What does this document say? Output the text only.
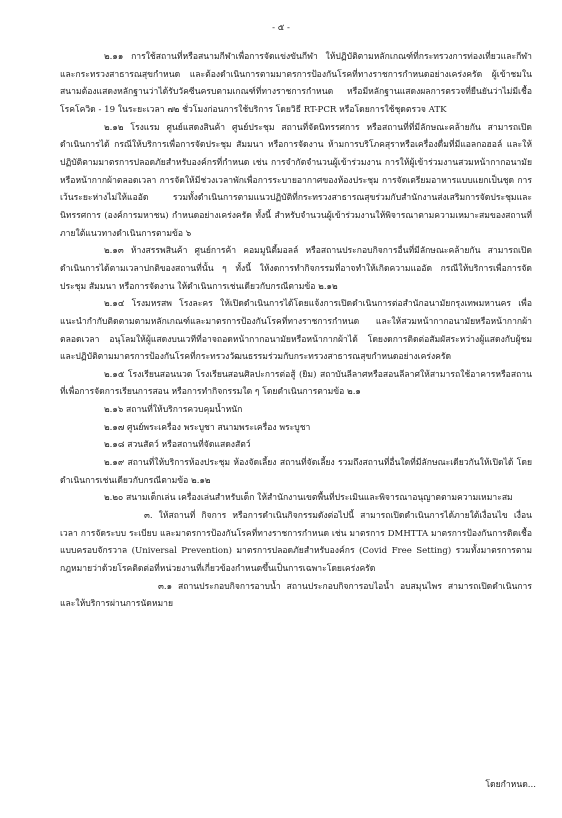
- ๕ -

๒.๑๑ การใช้สถานที่หรือสนามกีฬาเพื่อการจัดแข่งขันกีฬา ให้ปฏิบัติตามหลักเกณฑ์ที่กระทรวงการท่องเที่ยวและกีฬา และกระทรวงสาธารณสุขกำหนด และต้องดำเนินการตามมาตรการป้องกันโรคที่ทางราชการกำหนดอย่างเคร่งครัด ผู้เข้าชมในสนามต้องแสดงหลักฐานว่าได้รับวัคซีนครบตามเกณฑ์ที่ทางราชการกำหนด หรือมีหลักฐานแสดงผลการตรวจที่ยืนยันว่าไม่มีเชื้อโรคโควิด - 19 ในระยะเวลา ๗๒ ชั่วโมงก่อนการใช้บริการ โดยวิธี RT-PCR หรือโดยการใช้ชุดตรวจ ATK

๒.๑๒ โรงแรม ศูนย์แสดงสินค้า ศูนย์ประชุม สถานที่จัดนิทรรศการ หรือสถานที่ที่มีลักษณะคล้ายกัน สามารถเปิดดำเนินการได้ กรณีให้บริการเพื่อการจัดประชุม สัมมนา หรือการจัดงาน ห้ามการบริโภคสุราหรือเครื่องดื่มที่มีแอลกอฮอล์ และให้ปฏิบัติตามมาตรการปลอดภัยสำหรับองค์กรที่กำหนด เช่น การจำกัดจำนวนผู้เข้าร่วมงาน การให้ผู้เข้าร่วมงานสวมหน้ากากอนามัยหรือหน้ากากผ้าตลอดเวลา การจัดให้มีช่วงเวลาพักเพื่อการระบายอากาศของห้องประชุม การจัดเตรียมอาหารแบบแยกเป็นชุด การเว้นระยะห่างไม่ให้แออัด รวมทั้งดำเนินการตามแนวปฏิบัติที่กระทรวงสาธารณสุขร่วมกับสำนักงานส่งเสริมการจัดประชุมและนิทรรศการ (องค์การมหาชน) กำหนดอย่างเคร่งครัด ทั้งนี้ สำหรับจำนวนผู้เข้าร่วมงานให้พิจารณาตามความเหมาะสมของสถานที่ภายใต้แนวทางดำเนินการตามข้อ ๖

๒.๑๓ ห้างสรรพสินค้า ศูนย์การค้า คอมมูนิตี้มอลล์ หรือสถานประกอบกิจการอื่นที่มีลักษณะคล้ายกัน สามารถเปิดดำเนินการได้ตามเวลาปกติของสถานที่นั้น ๆ ทั้งนี้ ให้งดการทำกิจกรรมที่อาจทำให้เกิดความแออัด กรณีให้บริการเพื่อการจัดประชุม สัมมนา หรือการจัดงาน ให้ดำเนินการเช่นเดียวกับกรณีตามข้อ ๒.๑๒

๒.๑๔ โรงมหรสพ โรงละคร ให้เปิดดำเนินการได้โดยแจ้งการเปิดดำเนินการต่อสำนักอนามัยกรุงเทพมหานคร เพื่อแนะนำกำกับติดตามตามหลักเกณฑ์และมาตรการป้องกันโรคที่ทางราชการกำหนด และให้สวมหน้ากากอนามัยหรือหน้ากากผ้าตลอดเวลา อนุโลมให้ผู้แสดงบนเวทีที่อาจถอดหน้ากากอนามัยหรือหน้ากากผ้าได้ โดยงดการติดต่อสัมผัสระหว่างผู้แสดงกับผู้ชม และปฏิบัติตามมาตรการป้องกันโรคที่กระทรวงวัฒนธรรมร่วมกับกระทรวงสาธารณสุขกำหนดอย่างเคร่งครัด

๒.๑๕ โรงเรียนสอนนวด โรงเรียนสอนศิลปะการต่อสู้ (ยิม) สถาบันลีลาศหรือสอนลีลาศให้สามารถใช้อาคารหรือสถานที่เพื่อการจัดการเรียนการสอน หรือการทำกิจกรรมใด ๆ โดยดำเนินการตามข้อ ๒.๑

๒.๑๖ สถานที่ให้บริการควบคุมน้ำหนัก

๒.๑๗ ศูนย์พระเครื่อง พระบูชา สนามพระเครื่อง พระบูชา

๒.๑๘ สวนสัตว์ หรือสถานที่จัดแสดงสัตว์

๒.๑๙ สถานที่ให้บริการห้องประชุม ห้องจัดเลี้ยง สถานที่จัดเลี้ยง รวมถึงสถานที่อื่นใดที่มีลักษณะเดียวกันให้เปิดได้ โดยดำเนินการเช่นเดียวกับกรณีตามข้อ ๒.๑๒

๒.๒๐ สนามเด็กเล่น เครื่องเล่นสำหรับเด็ก ให้สำนักงานเขตพื้นที่ประเมินและพิจารณาอนุญาตตามความเหมาะสม

๓. ให้สถานที่ กิจการ หรือการดำเนินกิจกรรมดังต่อไปนี้ สามารถเปิดดำเนินการได้ภายใต้เงื่อนไข เงื่อนเวลา การจัดระบบ ระเบียบ และมาตรการป้องกันโรคที่ทางราชการกำหนด เช่น มาตรการ DMHTTA มาตรการป้องกันการติดเชื้อแบบครอบจักรวาล (Universal Prevention) มาตรการปลอดภัยสำหรับองค์กร (Covid Free Setting) รวมทั้งมาตรการตามกฎหมายว่าด้วยโรคติดต่อที่หน่วยงานที่เกี่ยวข้องกำหนดขึ้นเป็นการเฉพาะโดยเคร่งครัด

๓.๑ สถานประกอบกิจการอาบน้ำ สถานประกอบกิจการอบไอน้ำ อบสมุนไพร สามารถเปิดดำเนินการและให้บริการผ่านการนัดหมาย

โดยกำหนด...
